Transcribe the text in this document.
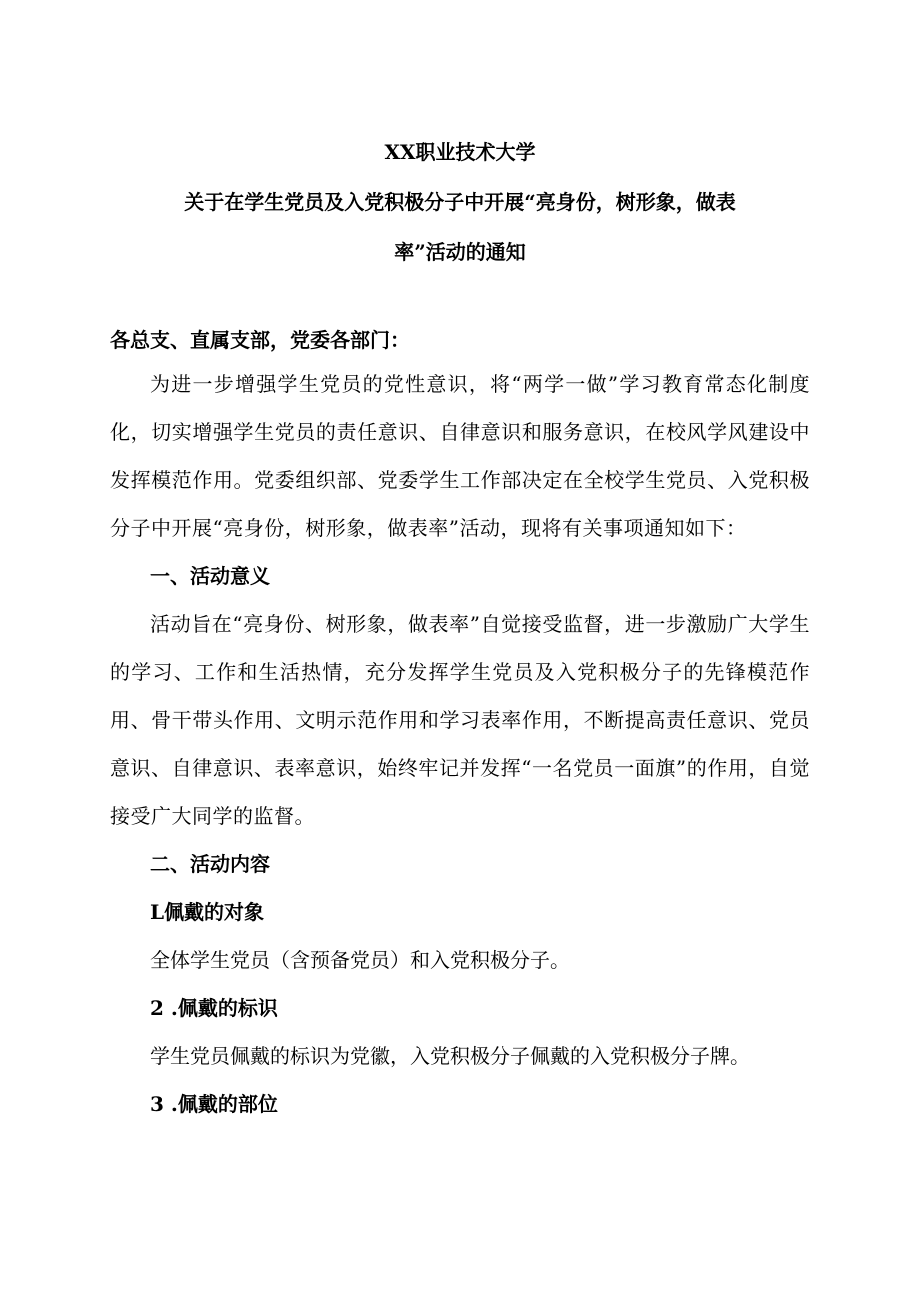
XX职业技术大学
关于在学生党员及入党积极分子中开展“亮身份，树形象，做表
率”活动的通知
各总支、直属支部，党委各部门：

为进一步增强学生党员的党性意识，将“两学一做”学习教育常态化制度化，切实增强学生党员的责任意识、自律意识和服务意识，在校风学风建设中发挥模范作用。党委组织部、党委学生工作部决定在全校学生党员、入党积极分子中开展“亮身份，树形象，做表率”活动，现将有关事项通知如下：

一、活动意义

活动旨在“亮身份、树形象，做表率”自觉接受监督，进一步激励广大学生的学习、工作和生活热情，充分发挥学生党员及入党积极分子的先锋模范作用、骨干带头作用、文明示范作用和学习表率作用，不断提高责任意识、党员意识、自律意识、表率意识，始终牢记并发挥“一名党员一面旗”的作用，自觉接受广大同学的监督。

二、活动内容

L佩戴的对象

全体学生党员（含预备党员）和入党积极分子。

2 .佩戴的标识

学生党员佩戴的标识为党徽，入党积极分子佩戴的入党积极分子牌。

3 .佩戴的部位
